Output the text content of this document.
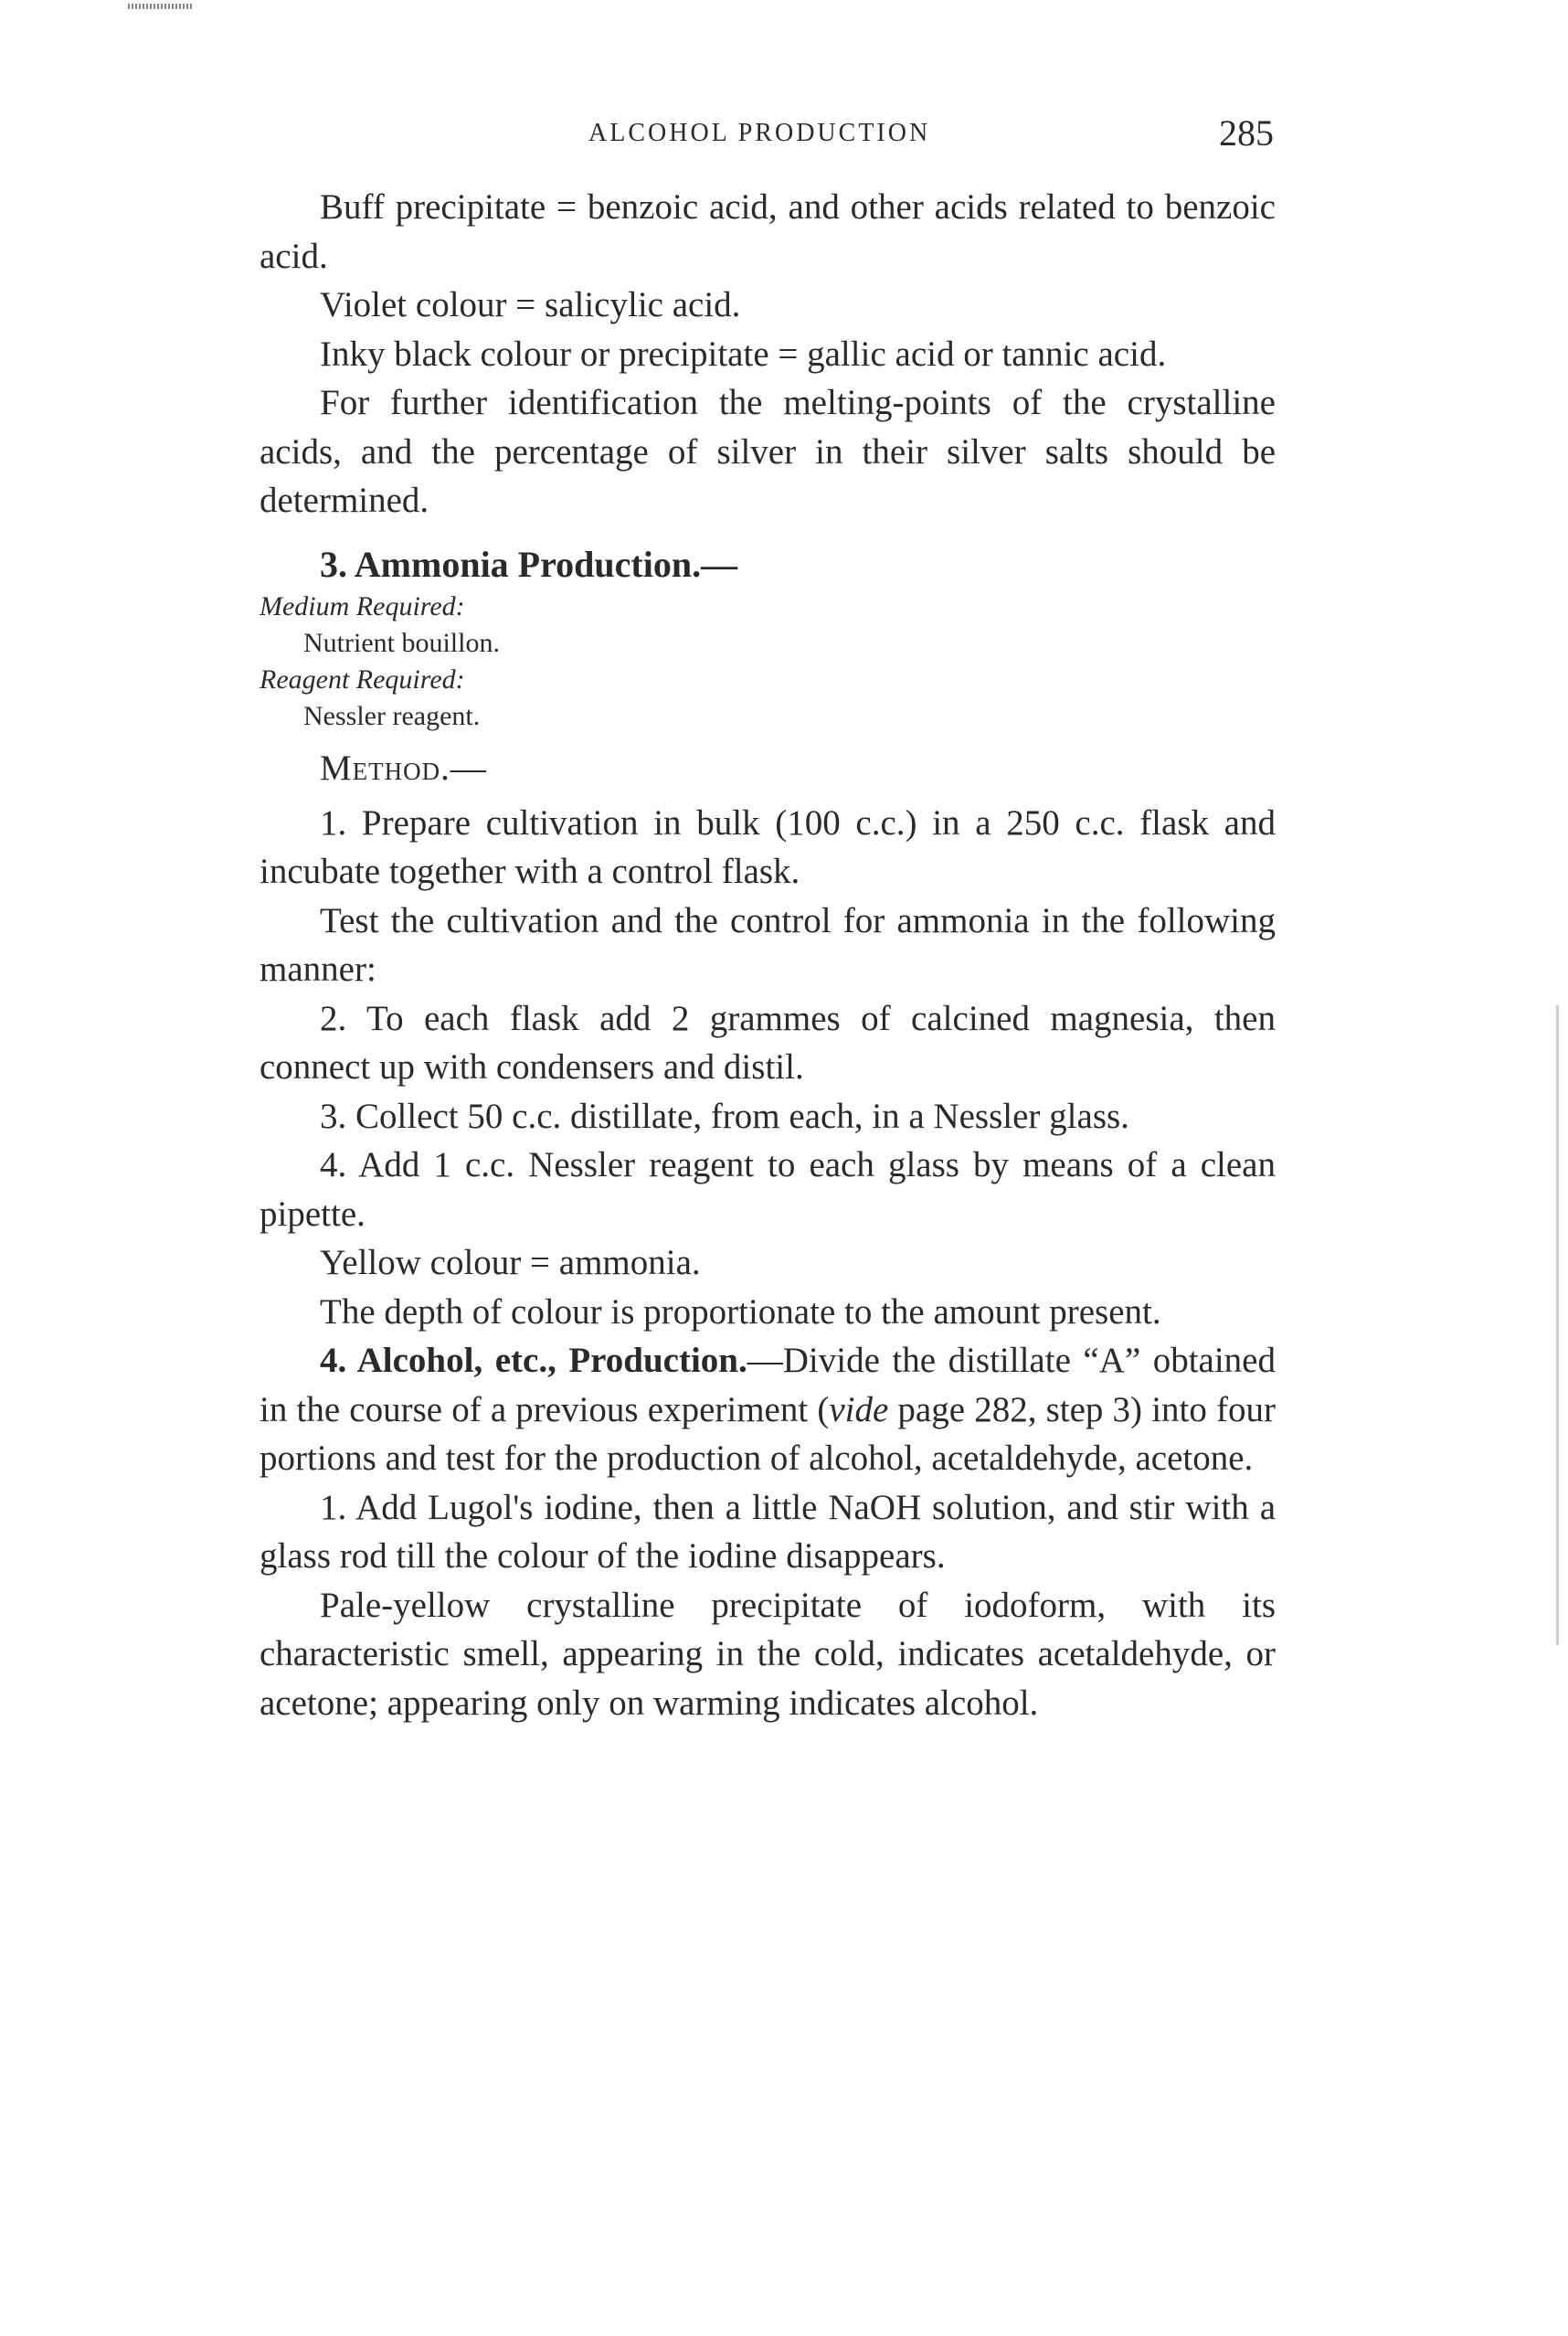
ALCOHOL PRODUCTION	285

Buff precipitate = benzoic acid, and other acids related to benzoic acid.

Violet colour = salicylic acid.

Inky black colour or precipitate = gallic acid or tannic acid.

For further identification the melting-points of the crystalline acids, and the percentage of silver in their silver salts should be determined.

3. Ammonia Production.—

Medium Required:

Nutrient bouillon.

Reagent Required:

Nessler reagent.

Method.—

1. Prepare cultivation in bulk (100 c.c.) in a 250 c.c. flask and incubate together with a control flask.

Test the cultivation and the control for ammonia in the following manner:

2. To each flask add 2 grammes of calcined magnesia, then connect up with condensers and distil.

3. Collect 50 c.c. distillate, from each, in a Nessler glass.

4. Add 1 c.c. Nessler reagent to each glass by means of a clean pipette.

Yellow colour = ammonia.

The depth of colour is proportionate to the amount present.

4. Alcohol, etc., Production.—Divide the distillate “A” obtained in the course of a previous experiment (vide page 282, step 3) into four portions and test for the production of alcohol, acetaldehyde, acetone.

1. Add Lugol's iodine, then a little NaOH solution, and stir with a glass rod till the colour of the iodine disappears.

Pale-yellow crystalline precipitate of iodoform, with its characteristic smell, appearing in the cold, indicates acetaldehyde, or acetone; appearing only on warming indicates alcohol.
